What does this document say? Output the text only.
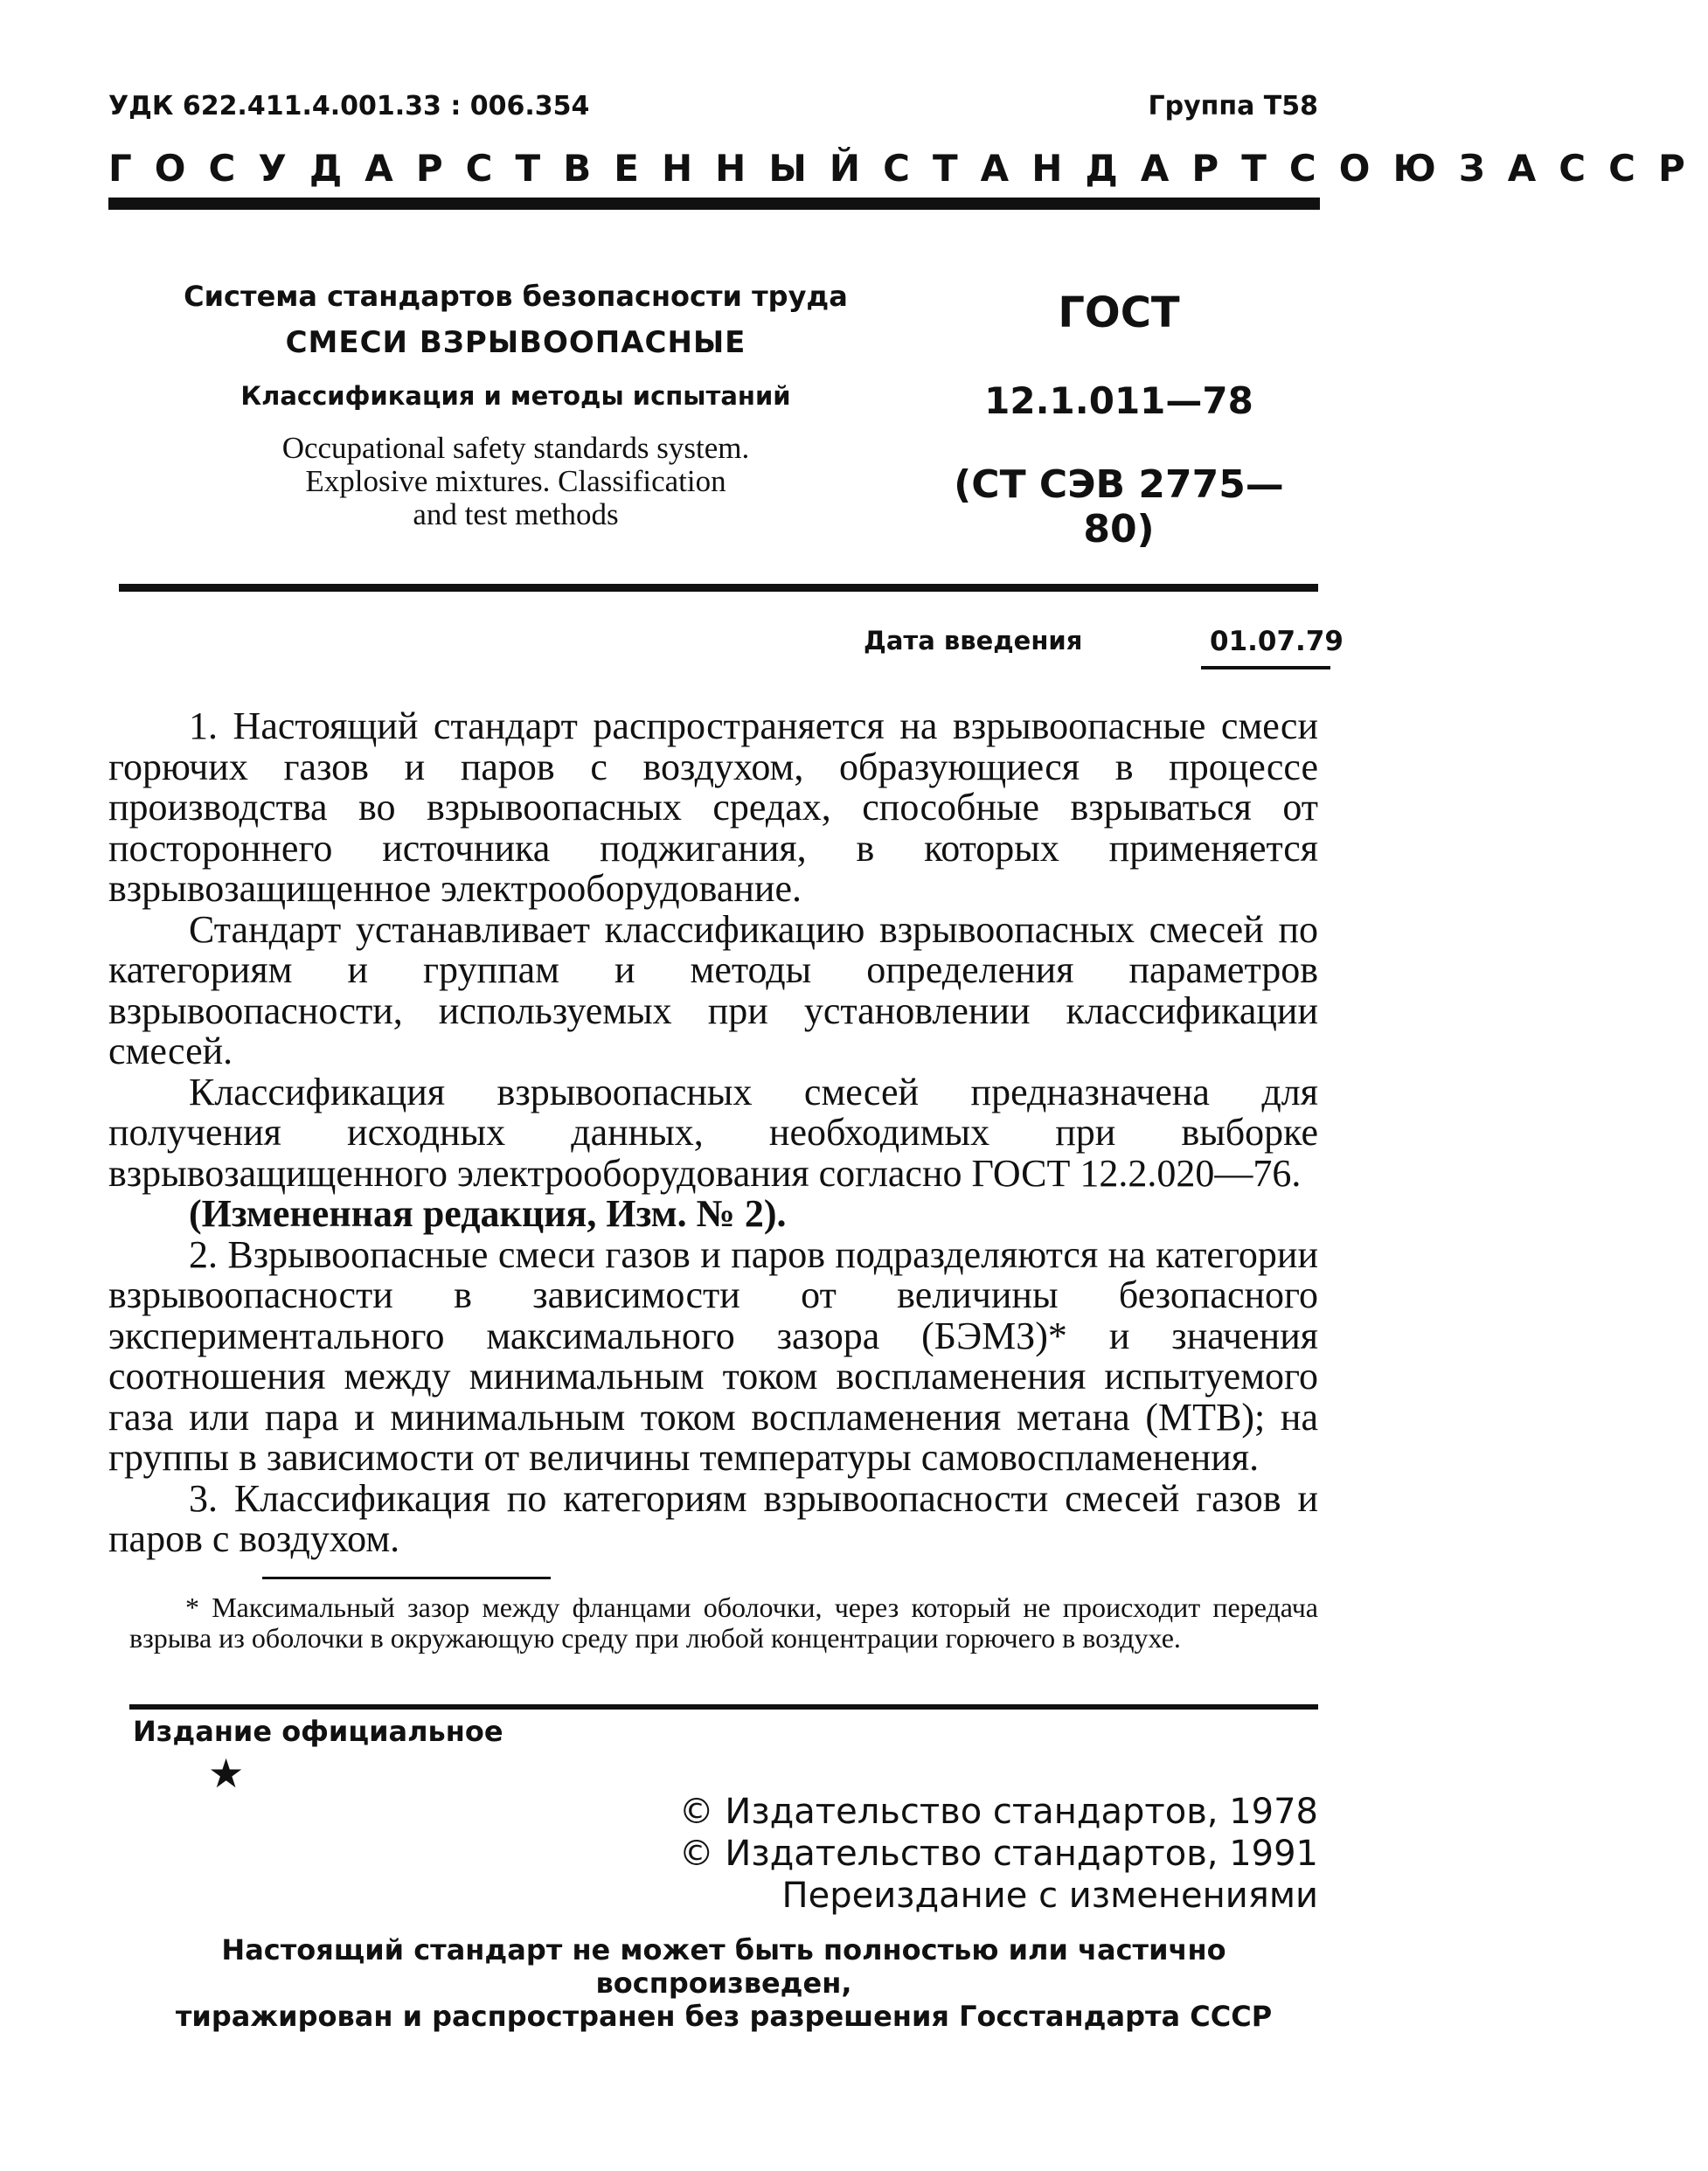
УДК 622.411.4.001.33 : 006.354	Группа Т58
ГОСУДАРСТВЕННЫЙ СТАНДАРТ СОЮЗА ССР
Система стандартов безопасности труда
СМЕСИ ВЗРЫВООПАСНЫЕ
Классификация и методы испытаний
Occupational safety standards system.
Explosive mixtures. Classification
and test methods
ГОСТ
12.1.011—78
(СТ СЭВ 2775—80)
Дата введения	01.07.79

1. Настоящий стандарт распространяется на взрывоопасные смеси горючих газов и паров с воздухом, образующиеся в процессе производства во взрывоопасных средах, способные взрываться от постороннего источника поджигания, в которых применяется взрывозащищенное электрооборудование.

Стандарт устанавливает классификацию взрывоопасных смесей по категориям и группам и методы определения параметров взрывоопасности, используемых при установлении классификации смесей.

Классификация взрывоопасных смесей предназначена для получения исходных данных, необходимых при выборке взрывозащищенного электрооборудования согласно ГОСТ 12.2.020—76.

(Измененная редакция, Изм. № 2).

2. Взрывоопасные смеси газов и паров подразделяются на категории взрывоопасности в зависимости от величины безопасного экспериментального максимального зазора (БЭМЗ)* и значения соотношения между минимальным током воспламенения испытуемого газа или пара и минимальным током воспламенения метана (МТВ); на группы в зависимости от величины температуры самовоспламенения.

3. Классификация по категориям взрывоопасности смесей газов и паров с воздухом.

* Максимальный зазор между фланцами оболочки, через который не происходит передача взрыва из оболочки в окружающую среду при любой концентрации горючего в воздухе.

Издание официальное
★
© Издательство стандартов, 1978
© Издательство стандартов, 1991
Переиздание с изменениями

Настоящий стандарт не может быть полностью или частично воспроизведен,

тиражирован и распространен без разрешения Госстандарта СССР
